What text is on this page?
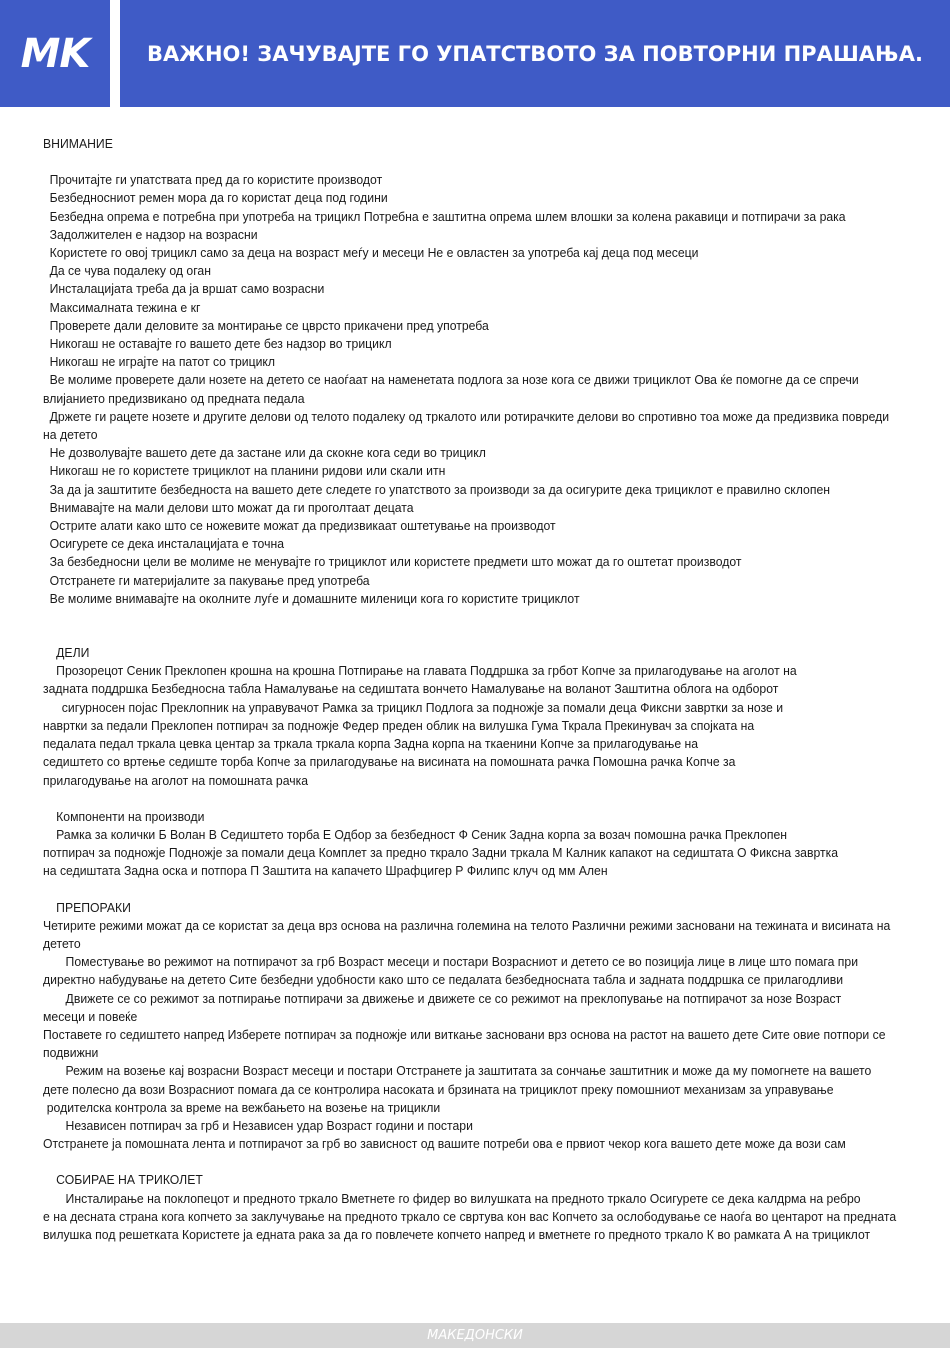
MK	ВАЖНО! ЗАЧУВАЈТЕ ГО УПАТСТВОТО ЗА ПОВТОРНИ ПРАШАЊА.

ВНИМАНИЕ

Прочитајте ги упатствата пред да го користите производот

Безбедносниот ремен мора да го користат деца под години

Безбедна опрема е потребна при употреба на трицикл Потребна е заштитна опрема шлем влошки за колена ракавици и потпирачи за рака

Задолжителен е надзор на возрасни

Користете го овој трицикл само за деца на возраст меѓу и месеци Не е овластен за употреба кај деца под месеци

Да се чува подалеку од оган

Инсталацијата треба да ја вршат само возрасни

Максималната тежина е кг

Проверете дали деловите за монтирање се цврсто прикачени пред употреба

Никогаш не оставајте го вашето дете без надзор во трицикл

Никогаш не играјте на патот со трицикл

Ве молиме проверете дали нозете на детето се наоѓаат на наменетата подлога за нозе кога се движи трициклот Ова ќе помогне да се спречи

влијанието предизвикано од предната педала

Држете ги рацете нозете и другите делови од телото подалеку од тркалото или ротирачките делови во спротивно тоа може да предизвика повреди

на детето

Не дозволувајте вашето дете да застане или да скокне кога седи во трицикл

Никогаш не го користете трициклот на планини ридови или скали итн

За да ја заштитите безбедноста на вашето дете следете го упатството за производи за да осигурите дека трициклот е правилно склопен

Внимавајте на мали делови што можат да ги проголтаат децата

Острите алати како што се ножевите можат да предизвикаат оштетување на производот

Осигурете се дека инсталацијата е точна

За безбедносни цели ве молиме не менувајте го трициклот или користете предмети што можат да го оштетат производот

Отстранете ги материјалите за пакување пред употреба

Ве молиме внимавајте на околните луѓе и домашните миленици кога го користите трициклот

ДЕЛИ

Прозорецот Сеник Преклопен крошна на крошна Потпирање на главата Поддршка за грбот Копче за прилагодување на аголот на

задната поддршка Безбедносна табла Намалување на седиштата вончето Намалување на воланот Заштитна облога на одборот

сигурносен појас Преклопник на управувачот Рамка за трицикл Подлога за подножје за помали деца Фиксни завртки за нозе и

навртки за педали Преклопен потпирач за подножје Федер преден облик на вилушка Гума Ткрала Прекинувач за спојката на

педалата педал тркала цевка центар за тркала тркала корпа Задна корпа на ткаенини Копче за прилагодување на

седиштето со вртење седиште торба Копче за прилагодување на висината на помошната рачка Помошна рачка Копче за

прилагодување на аголот на помошната рачка

Компоненти на производи

Рамка за колички Б Волан В Седиштето торба Е Одбор за безбедност Ф Сеник Задна корпа за возач помошна рачка Преклопен

потпирач за подножје Подножје за помали деца Комплет за предно ткрало Задни тркала М Калник капакот на седиштата О Фиксна завртка

на седиштата Задна оска и потпора П Заштита на капачето Шрафцигер Р Филипс клуч од мм Ален

ПРЕПОРАКИ

Четирите режими можат да се користат за деца врз основа на различна големина на телото Различни режими засновани на тежината и висината на

детето

Поместување во режимот на потпирачот за грб Возраст месеци и постари Возрасниот и детето се во позиција лице в лице што помага при

директно набудување на детето Сите безбедни удобности како што се педалата безбедносната табла и задната поддршка се прилагодливи

Движете се со режимот за потпирање потпирачи за движење и движете се со режимот на преклопување на потпирачот за нозе Возраст

месеци и повеќе

Поставете го седиштето напред Изберете потпирач за подножје или виткање засновани врз основа на растот на вашето дете Сите овие потпори се

подвижни

Режим на возење кај возрасни Возраст месеци и постари Отстранете ја заштитата за сончање заштитник и може да му помогнете на вашето

дете полесно да вози Возрасниот помага да се контролира насоката и брзината на трициклот преку помошниот механизам за управување

родителска контрола за време на вежбањето на возење на трицикли

Независен потпирач за грб и Независен удар Возраст години и постари

Отстранете ја помошната лента и потпирачот за грб во зависност од вашите потреби ова е првиот чекор кога вашето дете може да вози сам

СОБИРАЕ НА ТРИКОЛЕТ

Инсталирање на поклопецот и предното тркало Вметнете го фидер во вилушката на предното тркало Осигурете се дека калдрма на ребро

е на десната страна кога копчето за заклучување на предното тркало се свртува кон вас Копчето за ослободување се наоѓа во центарот на предната

вилушка под решетката Користете ја едната рака за да го повлечете копчето напред и вметнете го предното тркало К во рамката А на трициклот

МАКЕДОНСКИ
